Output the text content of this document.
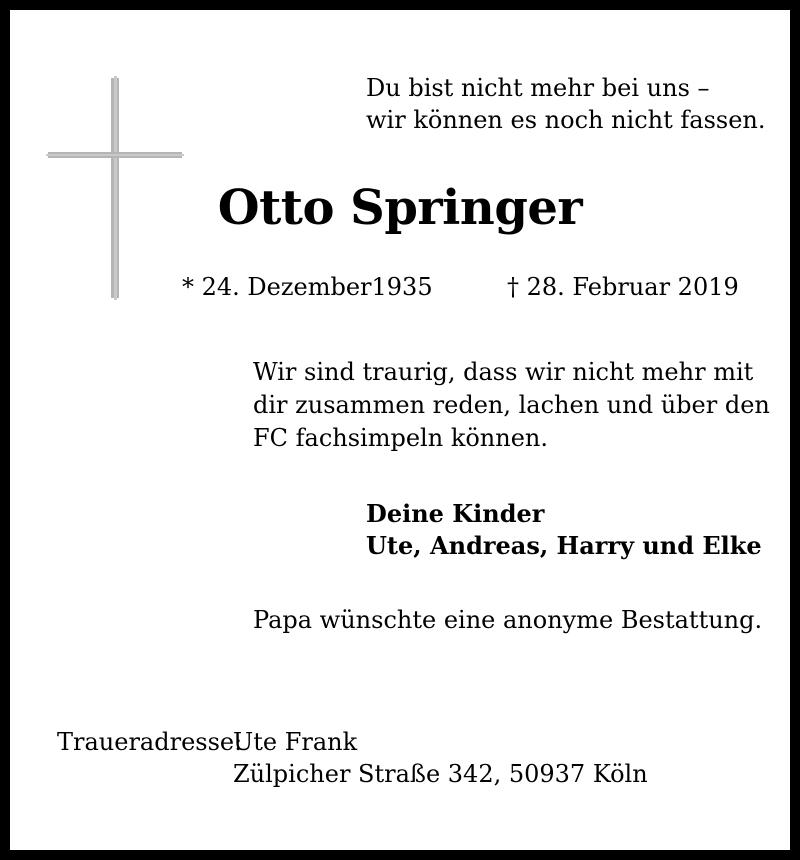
Du bist nicht mehr bei uns –
wir können es noch nicht fassen.
Otto Springer
* 24. Dezember1935	† 28. Februar 2019
Wir sind traurig, dass wir nicht mehr mit
dir zusammen reden, lachen und über den
FC fachsimpeln können.
Deine Kinder
Ute, Andreas, Harry und Elke
Papa wünschte eine anonyme Bestattung.
Traueradresse:
Ute Frank
Zülpicher Straße 342, 50937 Köln
